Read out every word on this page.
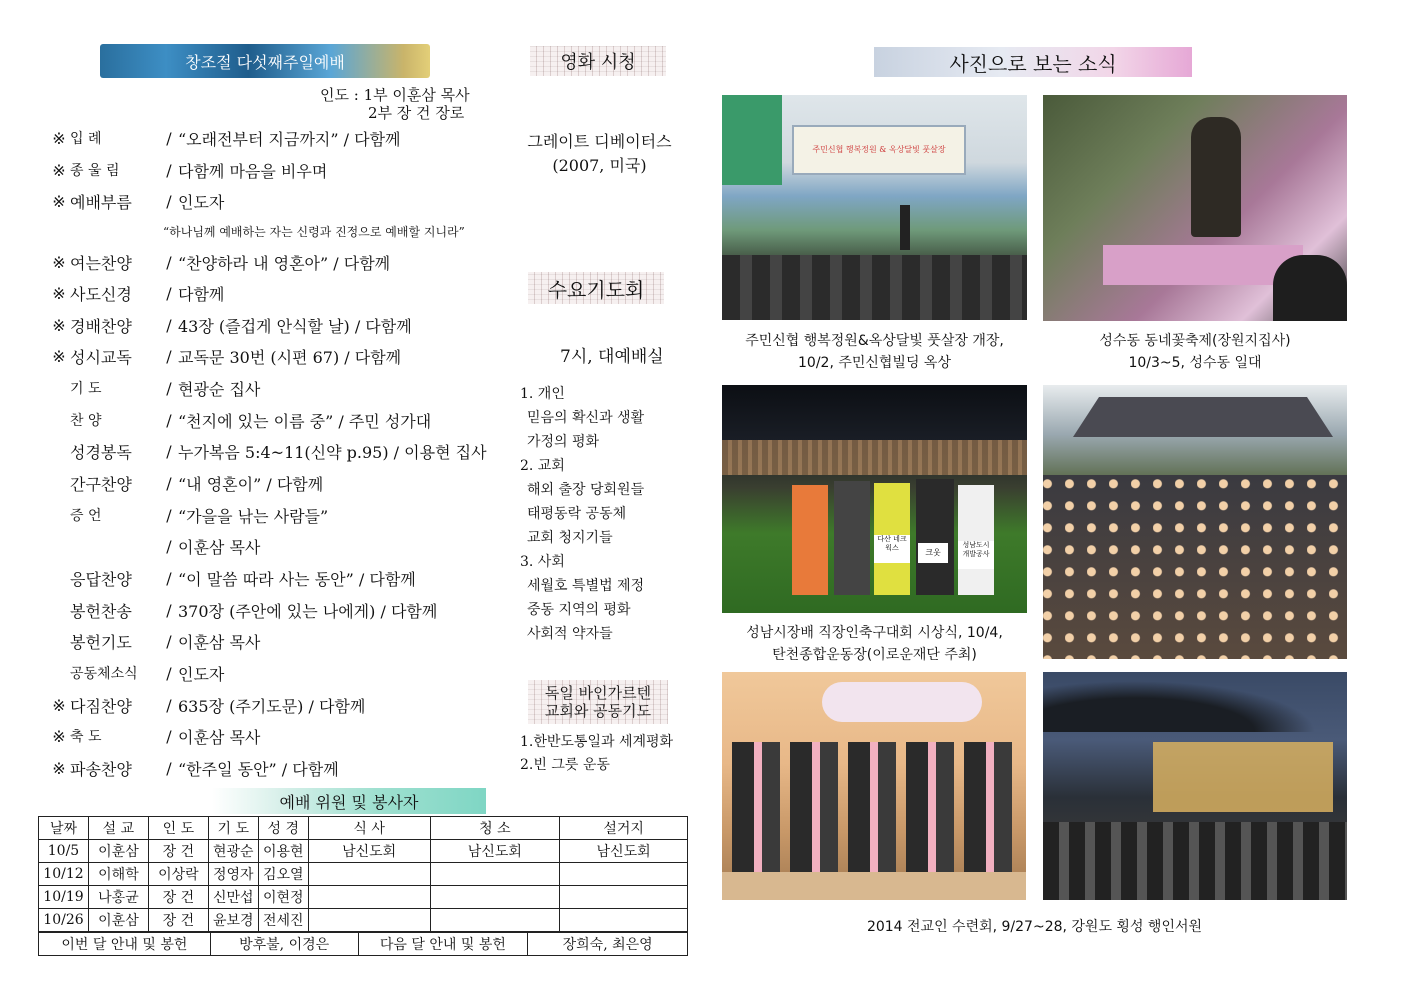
창조절 다섯째주일예배
인도 : 1부 이훈삼 목사
2부 장 건 장로
※ 입 례	/ “오래전부터 지금까지” / 다함께
※ 종 울 림	/ 다함께 마음을 비우며
※ 예배부름	/ 인도자
※ 여는찬양	/ “찬양하라 내 영혼아” / 다함께
※ 사도신경	/ 다함께
※ 경배찬양	/ 43장 (즐겁게 안식할 날) / 다함께
※ 성시교독	/ 교독문 30번 (시편 67) / 다함께
기 도	/ 현광순 집사
찬 양	/ “천지에 있는 이름 중” / 주민 성가대
성경봉독	/ 누가복음 5:4~11(신약 p.95) / 이용현 집사
간구찬양	/ “내 영혼이” / 다함께
증 언	/ “가을을 낚는 사람들”
/ 이훈삼 목사
응답찬양	/ “이 말씀 따라 사는 동안” / 다함께
봉헌찬송	/ 370장 (주안에 있는 나에게) / 다함께
봉헌기도	/ 이훈삼 목사
공동체소식	/ 인도자
※ 다짐찬양	/ 635장 (주기도문) / 다함께
※ 축 도	/ 이훈삼 목사
※ 파송찬양	/ “한주일 동안” / 다함께
“하나님께 예배하는 자는 신령과 진정으로 예배할 지니라”
예배 위원 및 봉사자
날짜	설 교	인 도	기 도	성 경	식 사	청 소	설거지
10/5	이훈삼	장 건	현광순	이용현	남신도회	남신도회	남신도회
10/12	이해학	이상락	정영자	김오열			
10/19	나홍균	장 건	신만섭	이현정			
10/26	이훈삼	장 건	윤보경	전세진			
이번 달 안내 및 봉헌	방후불, 이경은	다음 달 안내 및 봉헌	장희숙, 최은영
영화 시청
그레이트 디베이터스
(2007, 미국)
수요기도회
7시, 대예배실
1. 개인
믿음의 확신과 생활
가정의 평화
2. 교회
해외 출장 당회원들
태평동락 공동체
교회 청지기들
3. 사회
세월호 특별법 제정
중동 지역의 평화
사회적 약자들
독일 바인가르텐
교회와 공동기도
1.한반도통일과 세계평화
2.빈 그릇 운동
사진으로 보는 소식
주민신협 행복정원 & 옥상달빛 풋살장
주민신협 행복정원&옥상달빛 풋살장 개장,
10/2, 주민신협빌딩 옥상
성수동 동네꽃축제(장원지집사)
10/3~5, 성수동 일대
다산 네크웍스	크웃
성남도시 개발공사
성남시장배 직장인축구대회 시상식, 10/4,
탄천종합운동장(이로운재단 주최)
2014 전교인 수련회, 9/27~28, 강원도 횡성 행인서원
